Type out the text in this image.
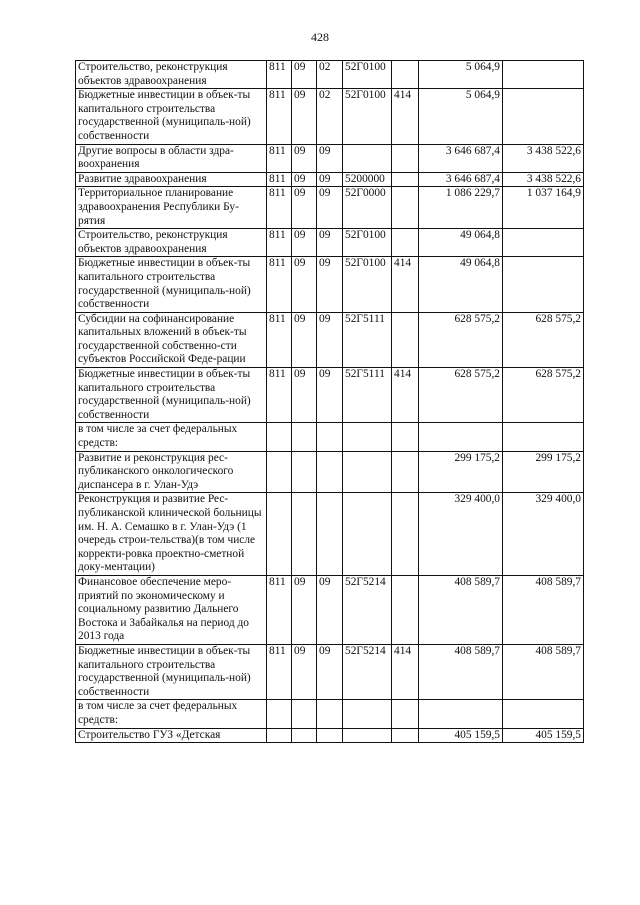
428
Строительство, реконструкция объектов здравоохранения	811	09	02	52Г0100		5 064,9	
Бюджетные инвестиции в объек-ты капитального строительства государственной (муниципаль-ной) собственности	811	09	02	52Г0100	414	5 064,9	
Другие вопросы в области здра-воохранения	811	09	09			3 646 687,4	3 438 522,6
Развитие здравоохранения	811	09	09	5200000		3 646 687,4	3 438 522,6
Территориальное планирование здравоохранения Республики Бу-рятия	811	09	09	52Г0000		1 086 229,7	1 037 164,9
Строительство, реконструкция объектов здравоохранения	811	09	09	52Г0100		49 064,8	
Бюджетные инвестиции в объек-ты капитального строительства государственной (муниципаль-ной) собственности	811	09	09	52Г0100	414	49 064,8	
Субсидии на софинансирование капитальных вложений в объек-ты государственной собственно-сти субъектов Российской Феде-рации	811	09	09	52Г5111		628 575,2	628 575,2
Бюджетные инвестиции в объек-ты капитального строительства государственной (муниципаль-ной) собственности	811	09	09	52Г5111	414	628 575,2	628 575,2
в том числе за счет федеральных средств:							
Развитие и реконструкция рес-публиканского онкологического диспансера в г. Улан-Удэ						299 175,2	299 175,2
Реконструкция и развитие Рес-публиканской клинической больницы им. Н. А. Семашко в г. Улан-Удэ (1 очередь строи-тельства)(в том числе корректи-ровка проектно-сметной доку-ментации)						329 400,0	329 400,0
Финансовое обеспечение меро-приятий по экономическому и социальному развитию Дальнего Востока и Забайкалья на период до 2013 года	811	09	09	52Г5214		408 589,7	408 589,7
Бюджетные инвестиции в объек-ты капитального строительства государственной (муниципаль-ной) собственности	811	09	09	52Г5214	414	408 589,7	408 589,7
в том числе за счет федеральных средств:							
Строительство ГУЗ «Детская						405 159,5	405 159,5
